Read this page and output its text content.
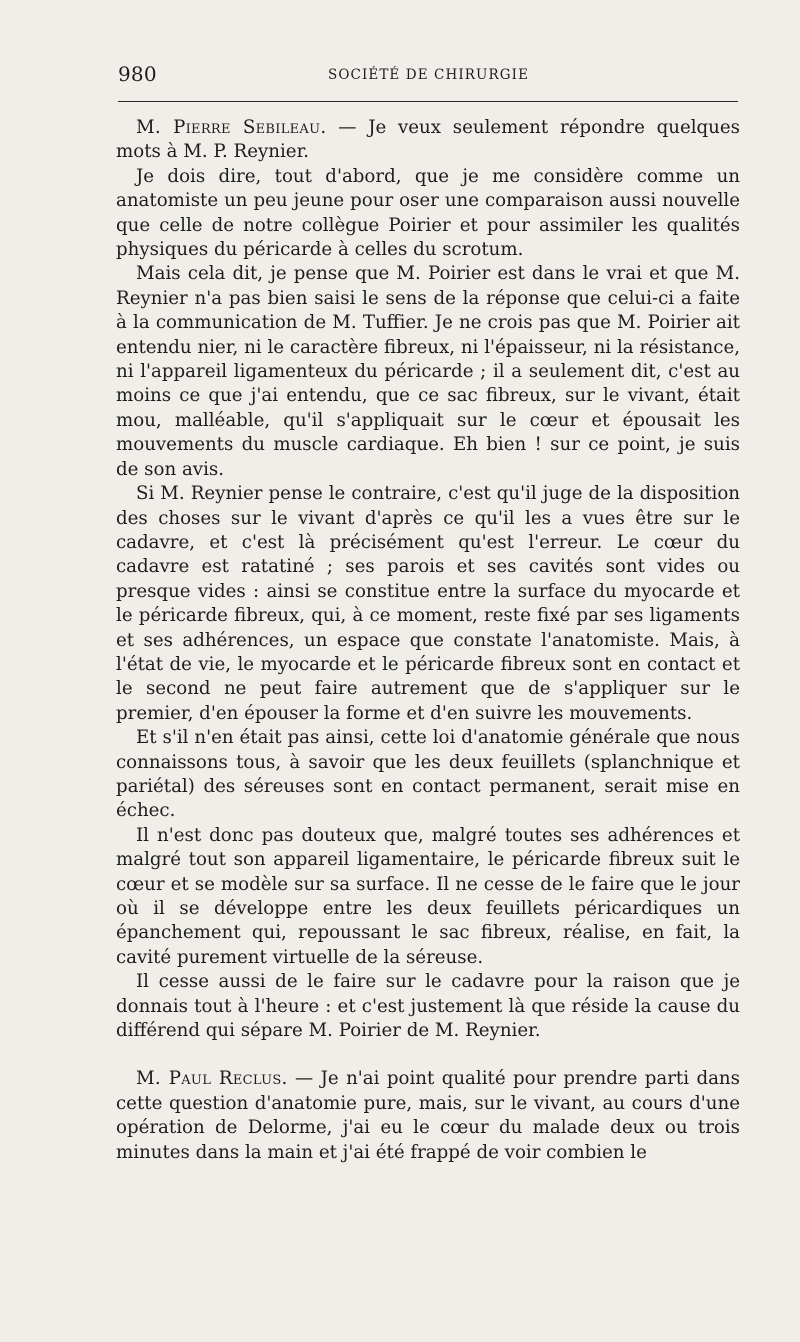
980	SOCIÉTÉ DE CHIRURGIE

M. Pierre Sebileau. — Je veux seulement répondre quelques mots à M. P. Reynier.

Je dois dire, tout d'abord, que je me considère comme un anatomiste un peu jeune pour oser une comparaison aussi nouvelle que celle de notre collègue Poirier et pour assimiler les qualités physiques du péricarde à celles du scrotum.

Mais cela dit, je pense que M. Poirier est dans le vrai et que M. Reynier n'a pas bien saisi le sens de la réponse que celui-ci a faite à la communication de M. Tuffier. Je ne crois pas que M. Poirier ait entendu nier, ni le caractère fibreux, ni l'épaisseur, ni la résistance, ni l'appareil ligamenteux du péricarde ; il a seulement dit, c'est au moins ce que j'ai entendu, que ce sac fibreux, sur le vivant, était mou, malléable, qu'il s'appliquait sur le cœur et épousait les mouvements du muscle cardiaque. Eh bien ! sur ce point, je suis de son avis.

Si M. Reynier pense le contraire, c'est qu'il juge de la disposition des choses sur le vivant d'après ce qu'il les a vues être sur le cadavre, et c'est là précisément qu'est l'erreur. Le cœur du cadavre est ratatiné ; ses parois et ses cavités sont vides ou presque vides : ainsi se constitue entre la surface du myocarde et le péricarde fibreux, qui, à ce moment, reste fixé par ses ligaments et ses adhérences, un espace que constate l'anatomiste. Mais, à l'état de vie, le myocarde et le péricarde fibreux sont en contact et le second ne peut faire autrement que de s'appliquer sur le premier, d'en épouser la forme et d'en suivre les mouvements.

Et s'il n'en était pas ainsi, cette loi d'anatomie générale que nous connaissons tous, à savoir que les deux feuillets (splanchnique et pariétal) des séreuses sont en contact permanent, serait mise en échec.

Il n'est donc pas douteux que, malgré toutes ses adhérences et malgré tout son appareil ligamentaire, le péricarde fibreux suit le cœur et se modèle sur sa surface. Il ne cesse de le faire que le jour où il se développe entre les deux feuillets péricardiques un épanchement qui, repoussant le sac fibreux, réalise, en fait, la cavité purement virtuelle de la séreuse.

Il cesse aussi de le faire sur le cadavre pour la raison que je donnais tout à l'heure : et c'est justement là que réside la cause du différend qui sépare M. Poirier de M. Reynier.

M. Paul Reclus. — Je n'ai point qualité pour prendre parti dans cette question d'anatomie pure, mais, sur le vivant, au cours d'une opération de Delorme, j'ai eu le cœur du malade deux ou trois minutes dans la main et j'ai été frappé de voir combien le
